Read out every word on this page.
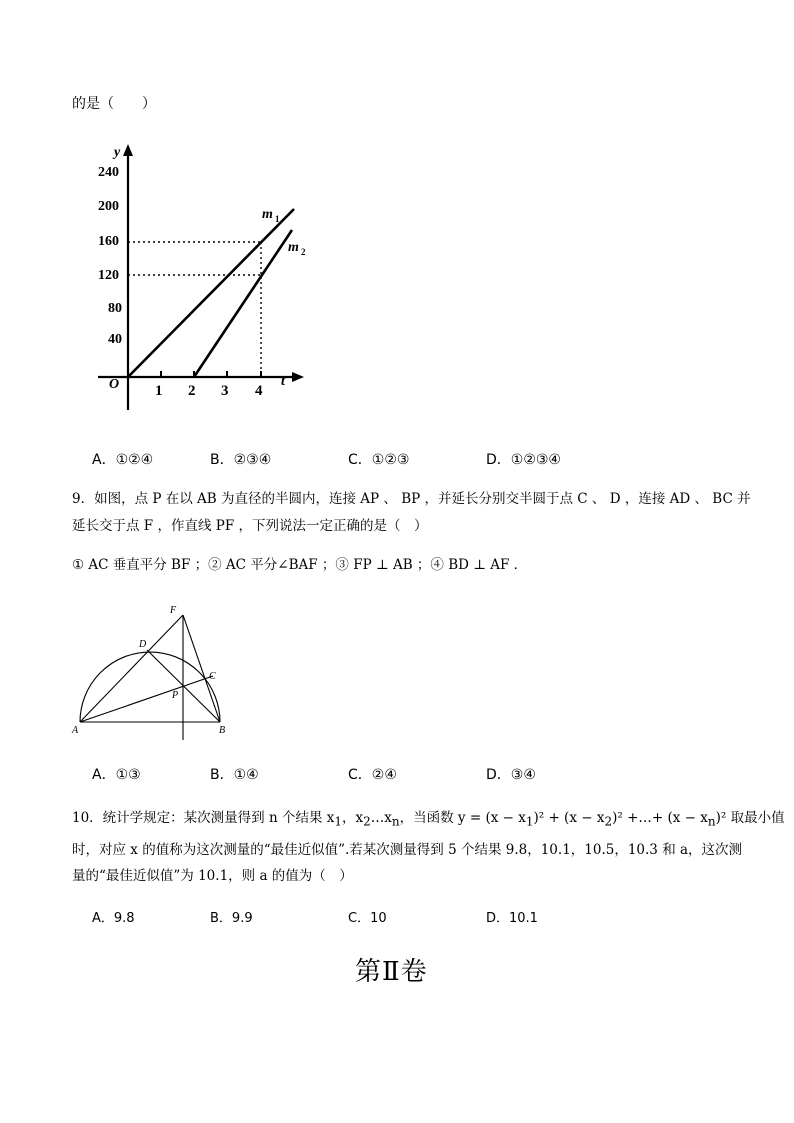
的是（　　）
y
t
O
240
200
160
120
80
40
1 2 3 4
m 1
m 2
A．①②④	B．②③④	C．①②③	D．①②③④
9．如图，点 P 在以 AB 为直径的半圆内，连接 AP 、 BP ，并延长分别交半圆于点 C 、 D ，连接 AD 、 BC 并
延长交于点 F ，作直线 PF ，下列说法一定正确的是（　）
① AC 垂直平分 BF ；② AC 平分∠BAF ；③ FP ⊥ AB ；④ BD ⊥ AF ．
F
D
C
P
A	B
A．①③	B．①④	C．②④	D．③④
10．统计学规定：某次测量得到 n 个结果 $x_1$，$x_2\dots x_n$，当函数 $y = (x - x_1)^2 + (x - x_2)^2$ +…+ $(x - x_n)^2$ 取最小值
时，对应 x 的值称为这次测量的“最佳近似值”.若某次测量得到 5 个结果 9.8，10.1，10.5，10.3 和 a，这次测
量的“最佳近似值”为 10.1，则 a 的值为（　）
A．9.8	B．9.9	C．10	D．10.1
第Ⅱ卷
